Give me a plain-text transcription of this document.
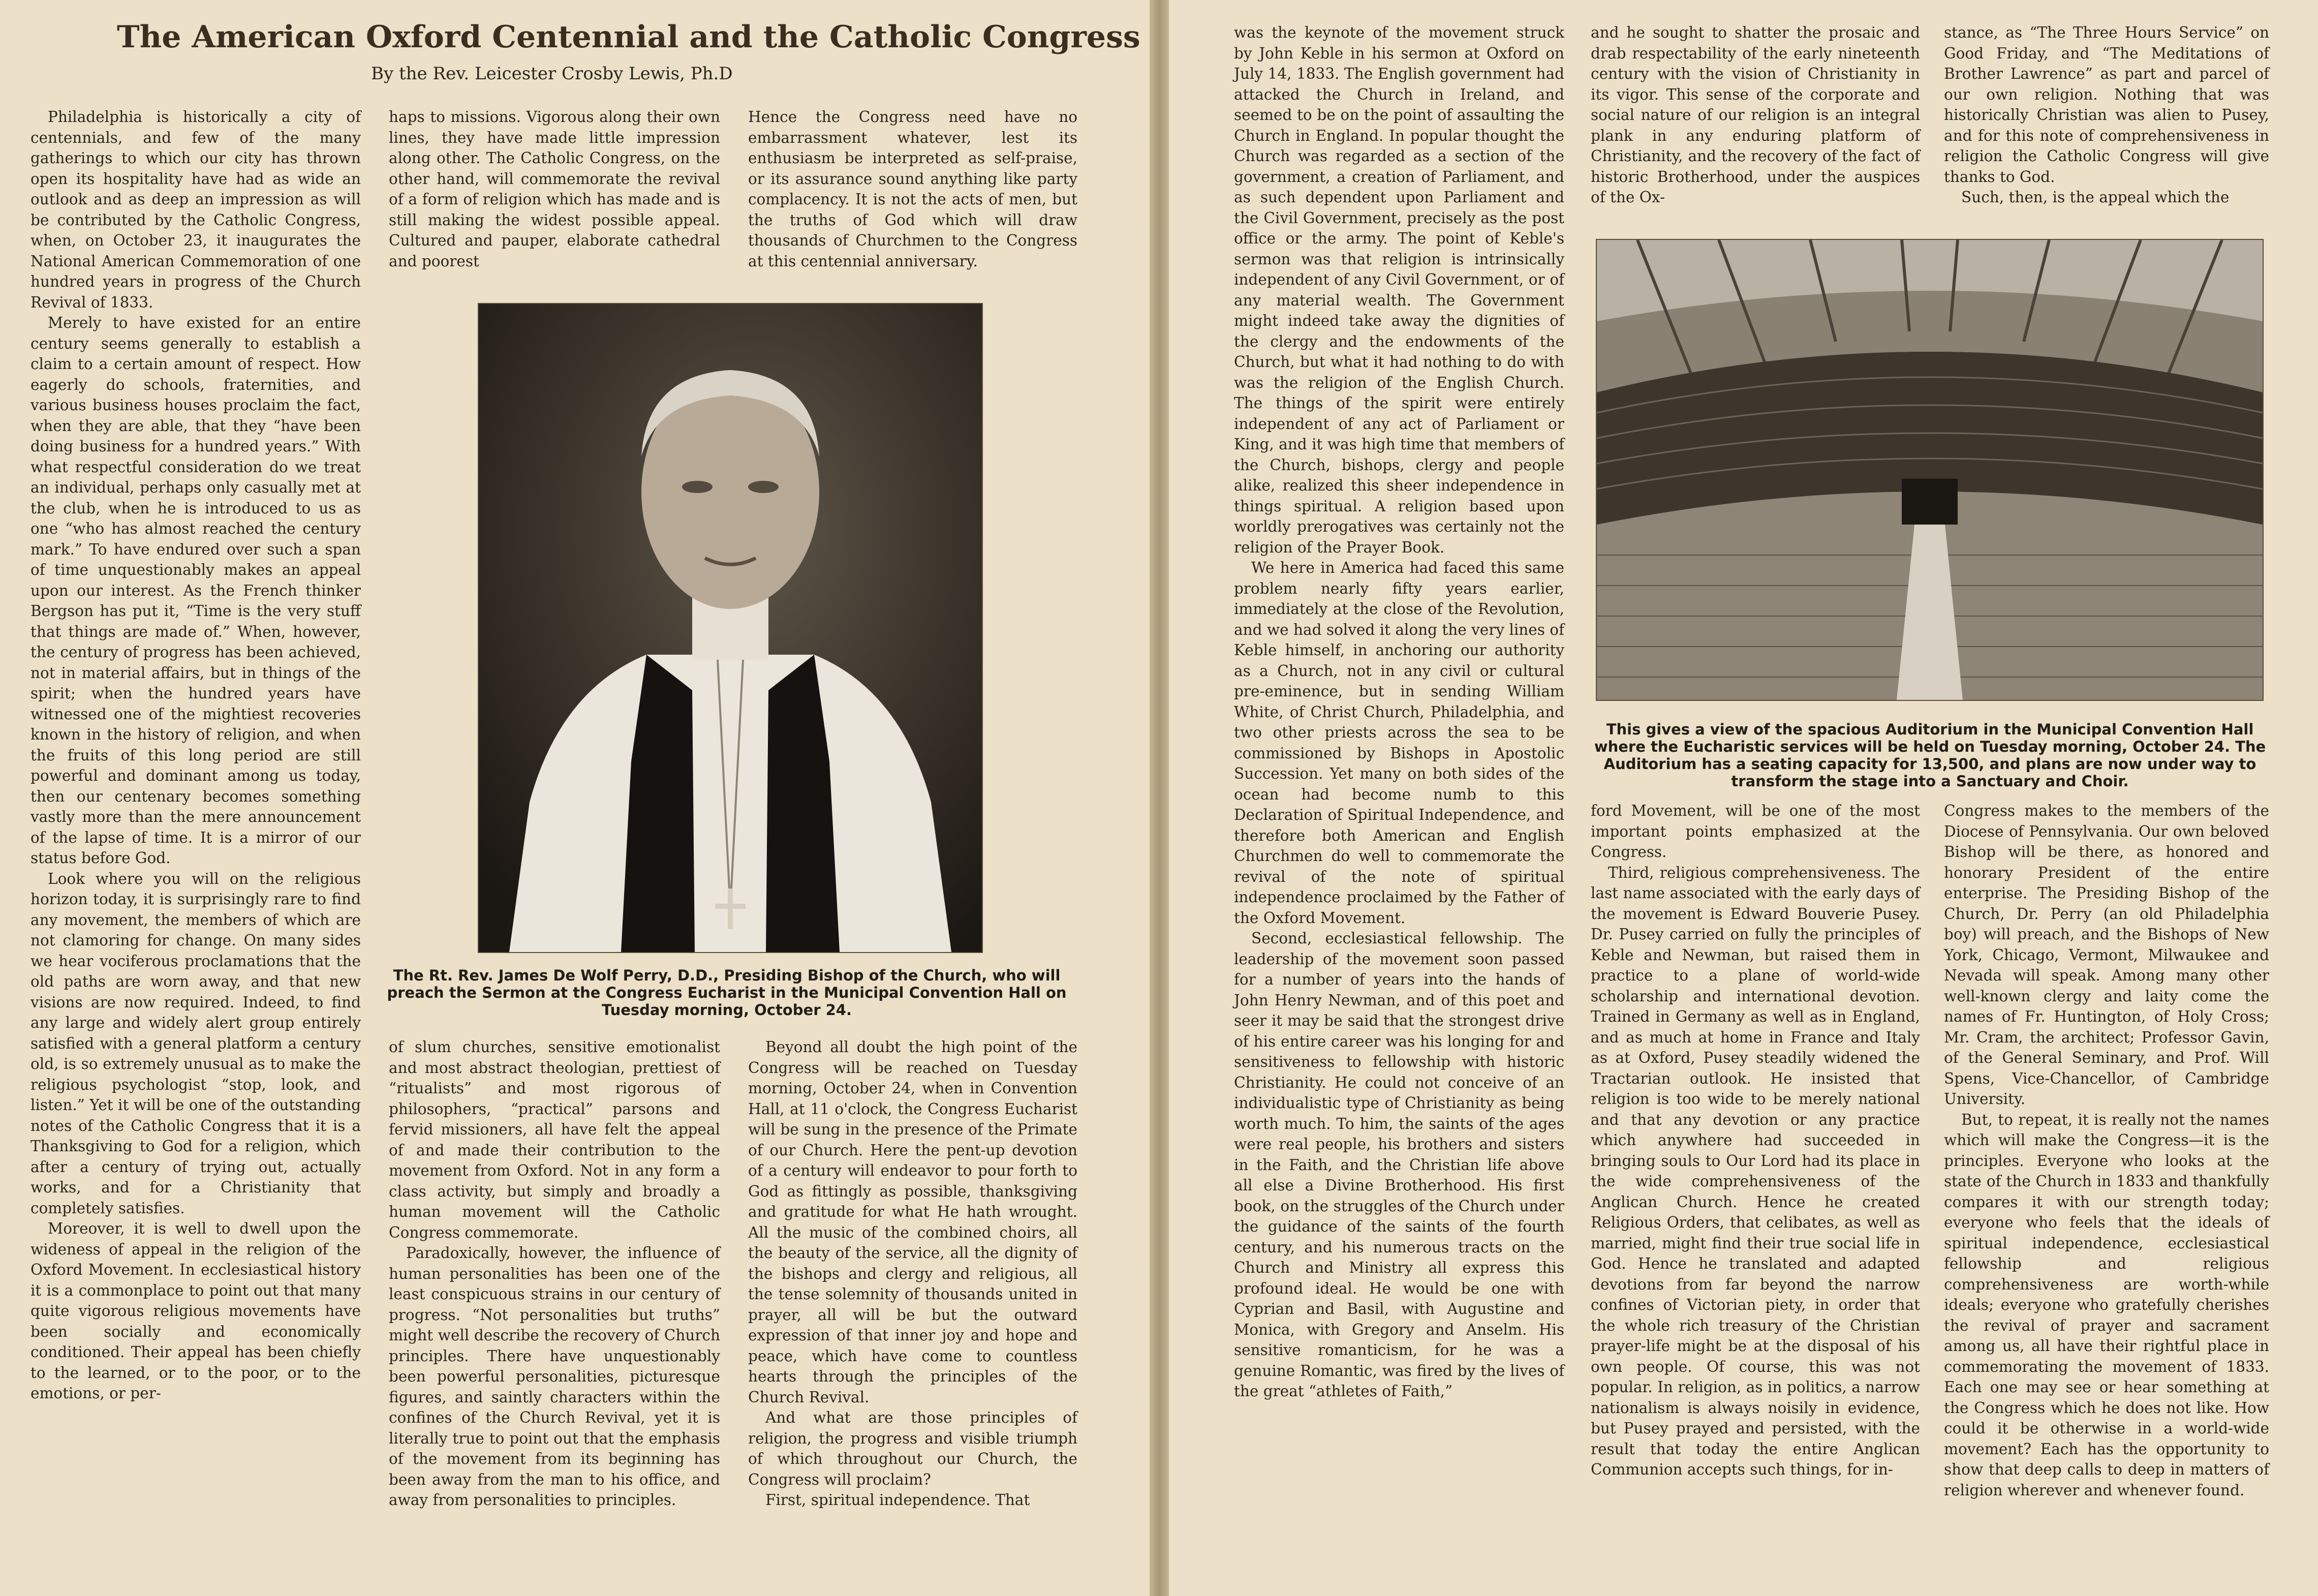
The American Oxford Centennial and the Catholic Congress

By the Rev. Leicester Crosby Lewis, Ph.D

Philadelphia is historically a city of centennials, and few of the many gatherings to which our city has thrown open its hospitality have had as wide an outlook and as deep an impression as will be contributed by the Catholic Congress, when, on October 23, it inaugurates the National American Commemoration of one hundred years in progress of the Church Revival of 1833.

Merely to have existed for an entire century seems generally to establish a claim to a certain amount of respect. How eagerly do schools, fraternities, and various business houses proclaim the fact, when they are able, that they “have been doing business for a hundred years.” With what respectful consideration do we treat an individual, perhaps only casually met at the club, when he is introduced to us as one “who has almost reached the century mark.” To have endured over such a span of time unquestionably makes an appeal upon our interest. As the French thinker Bergson has put it, “Time is the very stuff that things are made of.” When, however, the century of progress has been achieved, not in material affairs, but in things of the spirit; when the hundred years have witnessed one of the mightiest recoveries known in the history of religion, and when the fruits of this long period are still powerful and dominant among us today, then our centenary becomes something vastly more than the mere announcement of the lapse of time. It is a mirror of our status before God.

Look where you will on the religious horizon today, it is surprisingly rare to find any movement, the members of which are not clamoring for change. On many sides we hear vociferous proclamations that the old paths are worn away, and that new visions are now required. Indeed, to find any large and widely alert group entirely satisfied with a general platform a century old, is so extremely unusual as to make the religious psychologist “stop, look, and listen.” Yet it will be one of the outstanding notes of the Catholic Congress that it is a Thanksgiving to God for a religion, which after a century of trying out, actually works, and for a Christianity that completely satisfies.

Moreover, it is well to dwell upon the wideness of appeal in the religion of the Oxford Movement. In ecclesiastical history it is a commonplace to point out that many quite vigorous religious movements have been socially and economically conditioned. Their appeal has been chiefly to the learned, or to the poor, or to the emotions, or per-

haps to missions. Vigorous along their own lines, they have made little impression along other. The Catholic Congress, on the other hand, will commemorate the revival of a form of religion which has made and is still making the widest possible appeal. Cultured and pauper, elaborate cathedral and poorest

Hence the Congress need have no embarrassment whatever, lest its enthusiasm be interpreted as self-praise, or its assurance sound anything like party complacency. It is not the acts of men, but the truths of God which will draw thousands of Churchmen to the Congress at this centennial anniversary.

The Rt. Rev. James De Wolf Perry, D.D., Presiding Bishop of the Church, who will preach the Sermon at the Congress Eucharist in the Municipal Convention Hall on Tuesday morning, October 24.

of slum churches, sensitive emotionalist and most abstract theologian, prettiest of “ritualists” and most rigorous of philosophers, “practical” parsons and fervid missioners, all have felt the appeal of and made their contribution to the movement from Oxford. Not in any form a class activity, but simply and broadly a human movement will the Catholic Congress commemorate.

Paradoxically, however, the influence of human personalities has been one of the least conspicuous strains in our century of progress. “Not personalities but truths” might well describe the recovery of Church principles. There have unquestionably been powerful personalities, picturesque figures, and saintly characters within the confines of the Church Revival, yet it is literally true to point out that the emphasis of the movement from its beginning has been away from the man to his office, and away from personalities to principles.

Beyond all doubt the high point of the Congress will be reached on Tuesday morning, October 24, when in Convention Hall, at 11 o'clock, the Congress Eucharist will be sung in the presence of the Primate of our Church. Here the pent-up devotion of a century will endeavor to pour forth to God as fittingly as possible, thanksgiving and gratitude for what He hath wrought. All the music of the combined choirs, all the beauty of the service, all the dignity of the bishops and clergy and religious, all the tense solemnity of thousands united in prayer, all will be but the outward expression of that inner joy and hope and peace, which have come to countless hearts through the principles of the Church Revival.

And what are those principles of religion, the progress and visible triumph of which throughout our Church, the Congress will proclaim?

First, spiritual independence. That

was the keynote of the movement struck by John Keble in his sermon at Oxford on July 14, 1833. The English government had attacked the Church in Ireland, and seemed to be on the point of assaulting the Church in England. In popular thought the Church was regarded as a section of the government, a creation of Parliament, and as such dependent upon Parliament and the Civil Government, precisely as the post office or the army. The point of Keble's sermon was that religion is intrinsically independent of any Civil Government, or of any material wealth. The Government might indeed take away the dignities of the clergy and the endowments of the Church, but what it had nothing to do with was the religion of the English Church. The things of the spirit were entirely independent of any act of Parliament or King, and it was high time that members of the Church, bishops, clergy and people alike, realized this sheer independence in things spiritual. A religion based upon worldly prerogatives was certainly not the religion of the Prayer Book.

We here in America had faced this same problem nearly fifty years earlier, immediately at the close of the Revolution, and we had solved it along the very lines of Keble himself, in anchoring our authority as a Church, not in any civil or cultural pre-eminence, but in sending William White, of Christ Church, Philadelphia, and two other priests across the sea to be commissioned by Bishops in Apostolic Succession. Yet many on both sides of the ocean had become numb to this Declaration of Spiritual Independence, and therefore both American and English Churchmen do well to commemorate the revival of the note of spiritual independence proclaimed by the Father of the Oxford Movement.

Second, ecclesiastical fellowship. The leadership of the movement soon passed for a number of years into the hands of John Henry Newman, and of this poet and seer it may be said that the strongest drive of his entire career was his longing for and sensitiveness to fellowship with historic Christianity. He could not conceive of an individualistic type of Christianity as being worth much. To him, the saints of the ages were real people, his brothers and sisters in the Faith, and the Christian life above all else a Divine Brotherhood. His first book, on the struggles of the Church under the guidance of the saints of the fourth century, and his numerous tracts on the Church and Ministry all express this profound ideal. He would be one with Cyprian and Basil, with Augustine and Monica, with Gregory and Anselm. His sensitive romanticism, for he was a genuine Romantic, was fired by the lives of the great “athletes of Faith,”

and he sought to shatter the prosaic and drab respectability of the early nineteenth century with the vision of Christianity in its vigor. This sense of the corporate and social nature of our religion is an integral plank in any enduring platform of Christianity, and the recovery of the fact of historic Brotherhood, under the auspices of the Ox-

stance, as “The Three Hours Service” on Good Friday, and “The Meditations of Brother Lawrence” as part and parcel of our own religion. Nothing that was historically Christian was alien to Pusey, and for this note of comprehensiveness in religion the Catholic Congress will give thanks to God.

Such, then, is the appeal which the

This gives a view of the spacious Auditorium in the Municipal Convention Hall where the Eucharistic services will be held on Tuesday morning, October 24. The Auditorium has a seating capacity for 13,500, and plans are now under way to transform the stage into a Sanctuary and Choir.

ford Movement, will be one of the most important points emphasized at the Congress.

Third, religious comprehensiveness. The last name associated with the early days of the movement is Edward Bouverie Pusey. Dr. Pusey carried on fully the principles of Keble and Newman, but raised them in practice to a plane of world-wide scholarship and international devotion. Trained in Germany as well as in England, and as much at home in France and Italy as at Oxford, Pusey steadily widened the Tractarian outlook. He insisted that religion is too wide to be merely national and that any devotion or any practice which anywhere had succeeded in bringing souls to Our Lord had its place in the wide comprehensiveness of the Anglican Church. Hence he created Religious Orders, that celibates, as well as married, might find their true social life in God. Hence he translated and adapted devotions from far beyond the narrow confines of Victorian piety, in order that the whole rich treasury of the Christian prayer-life might be at the disposal of his own people. Of course, this was not popular. In religion, as in politics, a narrow nationalism is always noisily in evidence, but Pusey prayed and persisted, with the result that today the entire Anglican Communion accepts such things, for in-

Congress makes to the members of the Diocese of Pennsylvania. Our own beloved Bishop will be there, as honored and honorary President of the entire enterprise. The Presiding Bishop of the Church, Dr. Perry (an old Philadelphia boy) will preach, and the Bishops of New York, Chicago, Vermont, Milwaukee and Nevada will speak. Among many other well-known clergy and laity come the names of Fr. Huntington, of Holy Cross; Mr. Cram, the architect; Professor Gavin, of the General Seminary, and Prof. Will Spens, Vice-Chancellor, of Cambridge University.

But, to repeat, it is really not the names which will make the Congress—it is the principles. Everyone who looks at the state of the Church in 1833 and thankfully compares it with our strength today; everyone who feels that the ideals of spiritual independence, ecclesiastical fellowship and religious comprehensiveness are worth-while ideals; everyone who gratefully cherishes the revival of prayer and sacrament among us, all have their rightful place in commemorating the movement of 1833. Each one may see or hear something at the Congress which he does not like. How could it be otherwise in a world-wide movement? Each has the opportunity to show that deep calls to deep in matters of religion wherever and whenever found.
